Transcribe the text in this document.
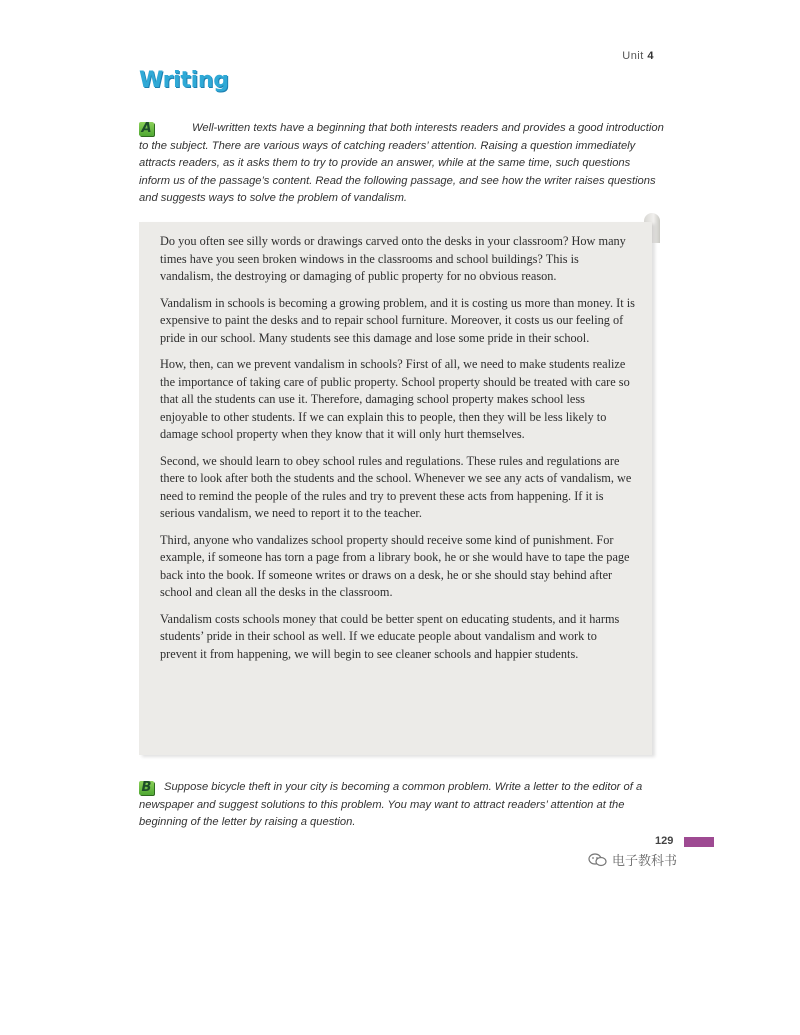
Unit 4
Writing
A	Well-written texts have a beginning that both interests readers and provides a good introduction to the subject. There are various ways of catching readers’ attention. Raising a question immediately attracts readers, as it asks them to try to provide an answer, while at the same time, such questions inform us of the passage’s content. Read the following passage, and see how the writer raises questions and suggests ways to solve the problem of vandalism.

Do you often see silly words or drawings carved onto the desks in your classroom? How many times have you seen broken windows in the classrooms and school buildings? This is vandalism, the destroying or damaging of public property for no obvious reason.

Vandalism in schools is becoming a growing problem, and it is costing us more than money. It is expensive to paint the desks and to repair school furniture. Moreover, it costs us our feeling of pride in our school. Many students see this damage and lose some pride in their school.

How, then, can we prevent vandalism in schools? First of all, we need to make students realize the importance of taking care of public property. School property should be treated with care so that all the students can use it. Therefore, damaging school property makes school less enjoyable to other students. If we can explain this to people, then they will be less likely to damage school property when they know that it will only hurt themselves.

Second, we should learn to obey school rules and regulations. These rules and regulations are there to look after both the students and the school. Whenever we see any acts of vandalism, we need to remind the people of the rules and try to prevent these acts from happening. If it is serious vandalism, we need to report it to the teacher.

Third, anyone who vandalizes school property should receive some kind of punishment. For example, if someone has torn a page from a library book, he or she would have to tape the page back into the book. If someone writes or draws on a desk, he or she should stay behind after school and clean all the desks in the classroom.

Vandalism costs schools money that could be better spent on educating students, and it harms students’ pride in their school as well. If we educate people about vandalism and work to prevent it from happening, we will begin to see cleaner schools and happier students.

B Suppose bicycle theft in your city is becoming a common problem. Write a letter to the editor of a newspaper and suggest solutions to this problem. You may want to attract readers’ attention at the beginning of the letter by raising a question.
129
电子教科书
